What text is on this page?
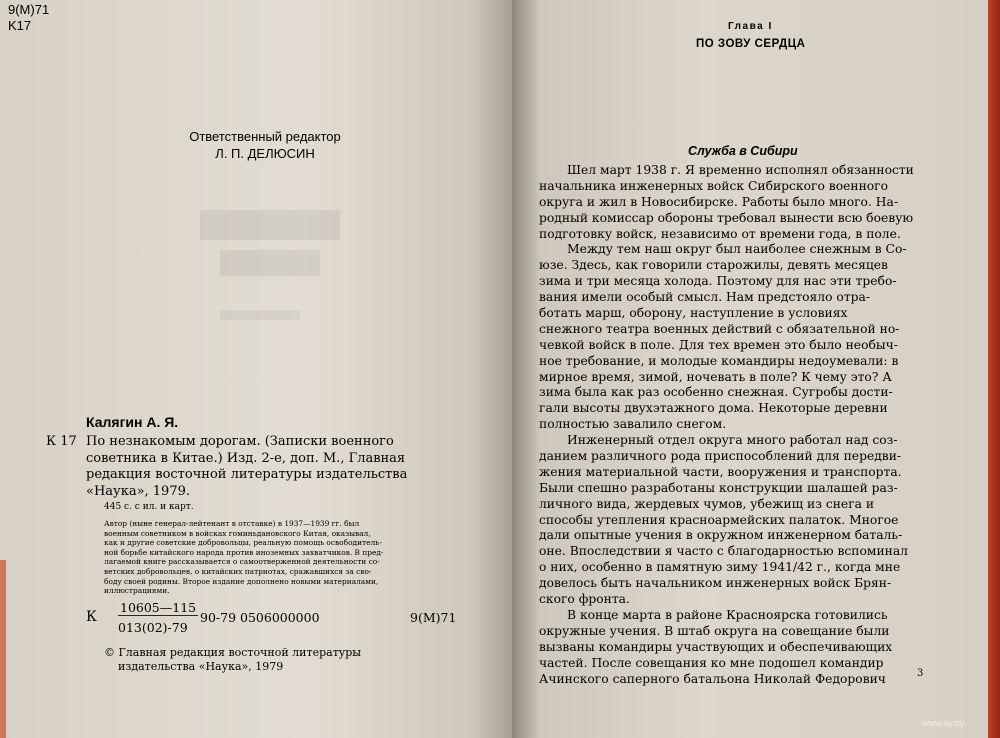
9(M)71
K17
Ответственный редактор
Л. П. ДЕЛЮСИН
Калягин А. Я.
К 17 По незнакомым дорогам. (Записки военного
советника в Китае.) Изд. 2-е, доп. М., Главная
редакция восточной литературы издательства
«Наука», 1979.
445 с. с ил. и карт.
Автор (ныне генерал-лейтенант в отставке) в 1937—1939 гг. был
военным советником в войсках гоминьдановского Китая, оказывал,
как и другие советские добровольцы, реальную помощь освободитель-
ной борьбе китайского народа против иноземных захватчиков. В пред-
лагаемой книге рассказывается о самоотверженной деятельности со-
ветских добровольцев, о китайских патриотах, сражавшихся за сво-
бодy своей родины. Второе издание дополнено новыми материалами,
иллюстрациями.
К
10605—115
013(02)-79
90-79 0506000000	9(М)71
© Главная редакция восточной литературы
издательства «Наука», 1979
Глава I
ПО ЗОВУ СЕРДЦА
Служба в Сибири
Шел март 1938 г. Я временно исполнял обязанности
начальника инженерных войск Сибирского военного
округа и жил в Новосибирске. Работы было много. На-
родный комиссар обороны требовал вынести всю боевую
подготовку войск, независимо от времени года, в поле.
Между тем наш округ был наиболее снежным в Со-
юзе. Здесь, как говорили старожилы, девять месяцев
зима и три месяца холода. Поэтому для нас эти требо-
вания имели особый смысл. Нам предстояло отра-
ботать марш, оборону, наступление в условиях
снежного театра военных действий с обязательной но-
чевкой войск в поле. Для тех времен это было необыч-
ное требование, и молодые командиры недоумевали: в
мирное время, зимой, ночевать в поле? К чему это? А
зима была как раз особенно снежная. Сугробы дости-
гали высоты двухэтажного дома. Некоторые деревни
полностью завалило снегом.
Инженерный отдел округа много работал над соз-
данием различного рода приспособлений для передви-
жения материальной части, вооружения и транспорта.
Были спешно разработаны конструкции шалашей раз-
личного вида, жердевых чумов, убежищ из снега и
способы утепления красноармейских палаток. Многое
дали опытные учения в окружном инженерном баталь-
оне. Впоследствии я часто с благодарностью вспоминал
о них, особенно в памятную зиму 1941/42 г., когда мне
довелось быть начальником инженерных войск Брян-
ского фронта.
В конце марта в районе Красноярска готовились
окружные учения. В штаб округа на совещание были
вызваны командиры участвующих и обеспечивающих
частей. После совещания ко мне подошел командир
Ачинского саперного батальона Николай Федорович	3
www.ay.by
